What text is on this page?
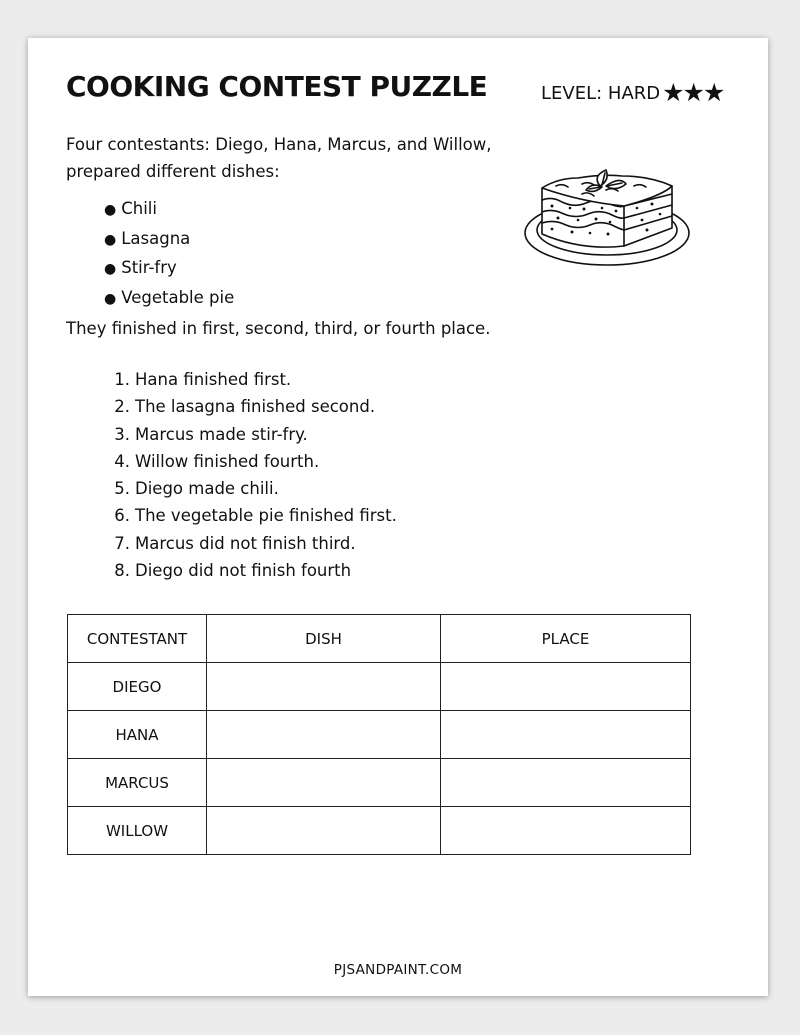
COOKING CONTEST PUZZLE	LEVEL: HARD★★★

Four contestants: Diego, Hana, Marcus, and Willow, prepared different dishes:

● Chili
● Lasagna
● Stir-fry
● Vegetable pie

They finished in first, second, third, or fourth place.

1. Hana finished first.
2. The lasagna finished second.
3. Marcus made stir-fry.
4. Willow finished fourth.
5. Diego made chili.
6. The vegetable pie finished first.
7. Marcus did not finish third.
8. Diego did not finish fourth
CONTESTANT	DISH	PLACE
DIEGO		
HANA		
MARCUS		
WILLOW		
PJSANDPAINT.COM
